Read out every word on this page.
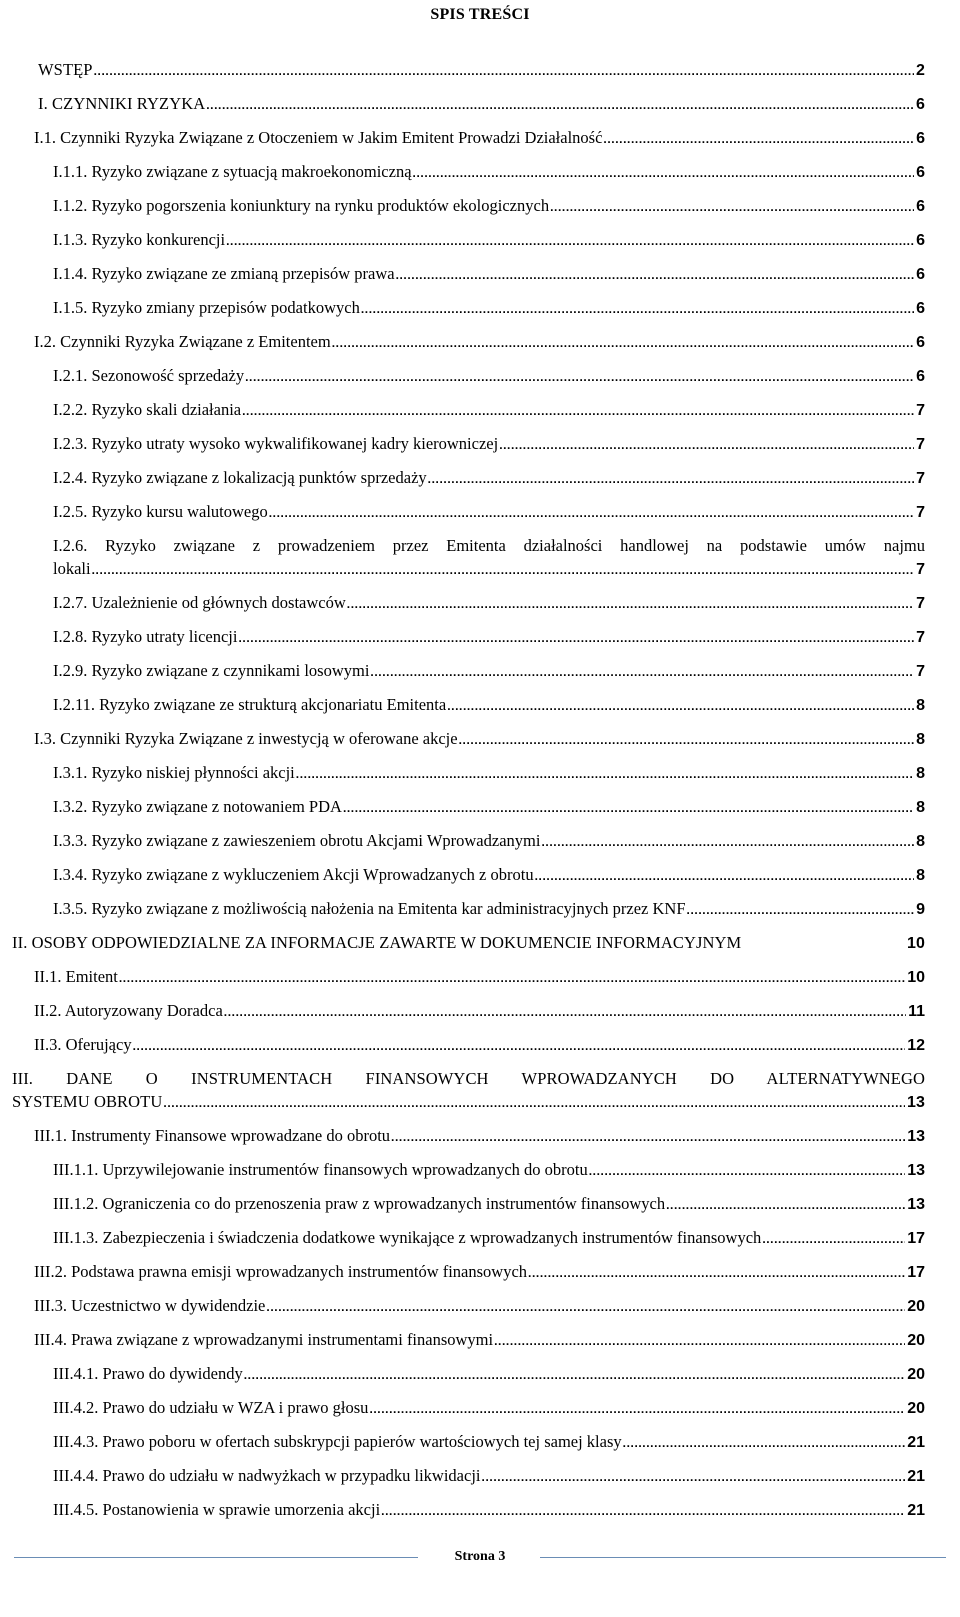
SPIS TREŚCI
WSTĘP .....	2
I. CZYNNIKI RYZYKA .....	6
I.1. Czynniki Ryzyka Związane z Otoczeniem w Jakim Emitent Prowadzi Działalność .....	6
I.1.1. Ryzyko związane z sytuacją makroekonomiczną .....	6
I.1.2. Ryzyko pogorszenia koniunktury na rynku produktów ekologicznych .....	6
I.1.3. Ryzyko konkurencji .....	6
I.1.4. Ryzyko związane ze zmianą przepisów prawa .....	6
I.1.5. Ryzyko zmiany przepisów podatkowych .....	6
I.2. Czynniki Ryzyka Związane z Emitentem .....	6
I.2.1. Sezonowość sprzedaży .....	6
I.2.2. Ryzyko skali działania .....	7
I.2.3. Ryzyko utraty wysoko wykwalifikowanej kadry kierowniczej .....	7
I.2.4. Ryzyko związane z lokalizacją punktów sprzedaży .....	7
I.2.5. Ryzyko kursu walutowego .....	7
I.2.6. Ryzyko związane z prowadzeniem przez Emitenta działalności handlowej na podstawie umów najmu
lokali .....	7
I.2.7. Uzależnienie od głównych dostawców .....	7
I.2.8. Ryzyko utraty licencji .....	7
I.2.9. Ryzyko związane z czynnikami losowymi .....	7
I.2.11. Ryzyko związane ze strukturą akcjonariatu Emitenta .....	8
I.3. Czynniki Ryzyka Związane z inwestycją w oferowane akcje .....	8
I.3.1. Ryzyko niskiej płynności akcji .....	8
I.3.2. Ryzyko związane z notowaniem PDA .....	8
I.3.3. Ryzyko związane z zawieszeniem obrotu Akcjami Wprowadzanymi .....	8
I.3.4. Ryzyko związane z wykluczeniem Akcji Wprowadzanych z obrotu .....	8
I.3.5. Ryzyko związane z możliwością nałożenia na Emitenta kar administracyjnych przez KNF .....	9
II. OSOBY ODPOWIEDZIALNE ZA INFORMACJE ZAWARTE W DOKUMENCIE INFORMACYJNYM	10
II.1. Emitent .....	10
II.2. Autoryzowany Doradca .....	11
II.3. Oferujący .....	12
III. DANE O INSTRUMENTACH FINANSOWYCH WPROWADZANYCH DO ALTERNATYWNEGO
SYSTEMU OBROTU .....	13
III.1. Instrumenty Finansowe wprowadzane do obrotu .....	13
III.1.1. Uprzywilejowanie instrumentów finansowych wprowadzanych do obrotu .....	13
III.1.2. Ograniczenia co do przenoszenia praw z wprowadzanych instrumentów finansowych .....	13
III.1.3. Zabezpieczenia i świadczenia dodatkowe wynikające z wprowadzanych instrumentów finansowych .....	17
III.2. Podstawa prawna emisji wprowadzanych instrumentów finansowych .....	17
III.3. Uczestnictwo w dywidendzie .....	20
III.4. Prawa związane z wprowadzanymi instrumentami finansowymi .....	20
III.4.1. Prawo do dywidendy .....	20
III.4.2. Prawo do udziału w WZA i prawo głosu .....	20
III.4.3. Prawo poboru w ofertach subskrypcji papierów wartościowych tej samej klasy .....	21
III.4.4. Prawo do udziału w nadwyżkach w przypadku likwidacji .....	21
III.4.5. Postanowienia w sprawie umorzenia akcji .....	21
Strona 3
